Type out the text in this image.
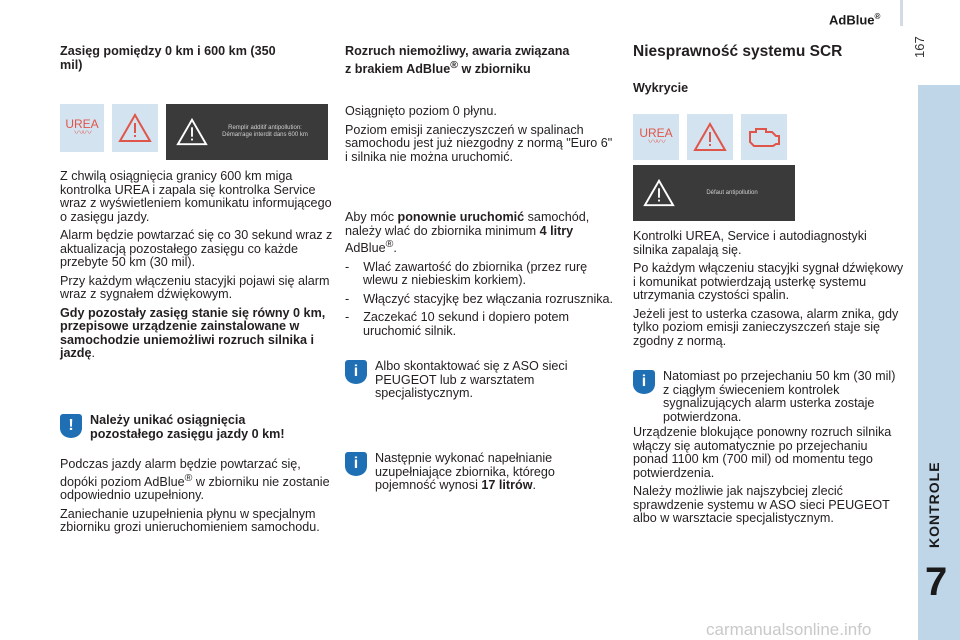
AdBlue®
167
KONTROLE
7
Zasięg pomiędzy 0 km i 600 km (350 mil)
UREA
〰〰	Remplir additif antipollution: Démarrage interdit dans 600 km

Z chwilą osiągnięcia granicy 600 km miga kontrolka UREA i zapala się kontrolka Service wraz z wyświetleniem komunikatu informującego o zasięgu jazdy.

Alarm będzie powtarzać się co 30 sekund wraz z aktualizacją pozostałego zasięgu co każde przebyte 50 km (30 mil).

Przy każdym włączeniu stacyjki pojawi się alarm wraz z sygnałem dźwiękowym.

Gdy pozostały zasięg stanie się równy 0 km, przepisowe urządzenie zainstalowane w samochodzie uniemożliwi rozruch silnika i jazdę.

!	Należy unikać osiągnięcia pozostałego zasięgu jazdy 0 km!

Podczas jazdy alarm będzie powtarzać się, dopóki poziom AdBlue® w zbiorniku nie zostanie odpowiednio uzupełniony.

Zaniechanie uzupełnienia płynu w specjalnym zbiorniku grozi unieruchomieniem samochodu.

Rozruch niemożliwy, awaria związana z brakiem AdBlue® w zbiorniku

Osiągnięto poziom 0 płynu.

Poziom emisji zanieczyszczeń w spalinach samochodu jest już niezgodny z normą "Euro 6" i silnika nie można uruchomić.

Aby móc ponownie uruchomić samochód, należy wlać do zbiornika minimum 4 litry AdBlue®.

-    Wlać zawartość do zbiornika (przez rurę wlewu z niebieskim korkiem).

-    Włączyć stacyjkę bez włączania rozrusznika.

-    Zaczekać 10 sekund i dopiero potem uruchomić silnik.

i	Albo skontaktować się z ASO sieci PEUGEOT lub z warsztatem specjalistycznym.
i	Następnie wykonać napełnianie uzupełniające zbiornika, którego pojemność wynosi 17 litrów.
Niesprawność systemu SCR
Wykrycie
UREA
〰〰
Défaut antipollution

Kontrolki UREA, Service i autodiagnostyki silnika zapalają się.

Po każdym włączeniu stacyjki sygnał dźwiękowy i komunikat potwierdzają usterkę systemu utrzymania czystości spalin.

Jeżeli jest to usterka czasowa, alarm znika, gdy tylko poziom emisji zanieczyszczeń staje się zgodny z normą.

i	Natomiast po przejechaniu 50 km (30 mil) z ciągłym świeceniem kontrolek sygnalizujących alarm usterka zostaje potwierdzona.

Urządzenie blokujące ponowny rozruch silnika włączy się automatycznie po przejechaniu ponad 1100 km (700 mil) od momentu tego potwierdzenia.

Należy możliwie jak najszybciej zlecić sprawdzenie systemu w ASO sieci PEUGEOT albo w warsztacie specjalistycznym.

carmanualsonline.info
